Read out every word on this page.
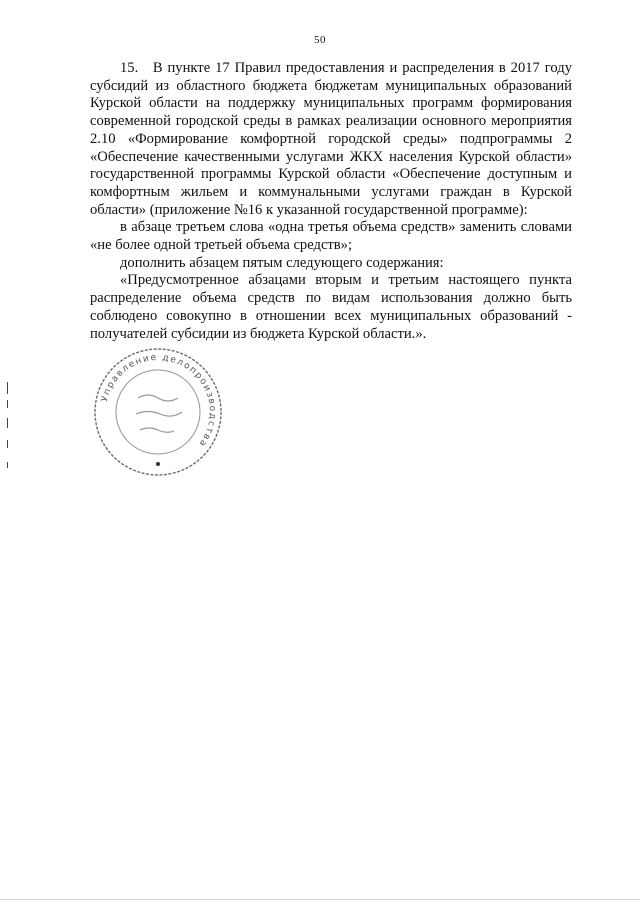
50

15. В пункте 17 Правил предоставления и распределения в 2017 году субсидий из областного бюджета бюджетам муниципальных образований Курской области на поддержку муниципальных программ формирования современной городской среды в рамках реализации основного мероприятия 2.10 «Формирование комфортной городской среды» подпрограммы 2 «Обеспечение качественными услугами ЖКХ населения Курской области» государственной программы Курской области «Обеспечение доступным и комфортным жильем и коммунальными услугами граждан в Курской области» (приложение №16 к указанной государственной программе):

в абзаце третьем слова «одна третья объема средств» заменить словами «не более одной третьей объема средств»;

дополнить абзацем пятым следующего содержания:

«Предусмотренное абзацами вторым и третьим настоящего пункта распределение объема средств по видам использования должно быть соблюдено совокупно в отношении всех муниципальных образований - получателей субсидии из бюджета Курской области.».

Управление делопроизводства
